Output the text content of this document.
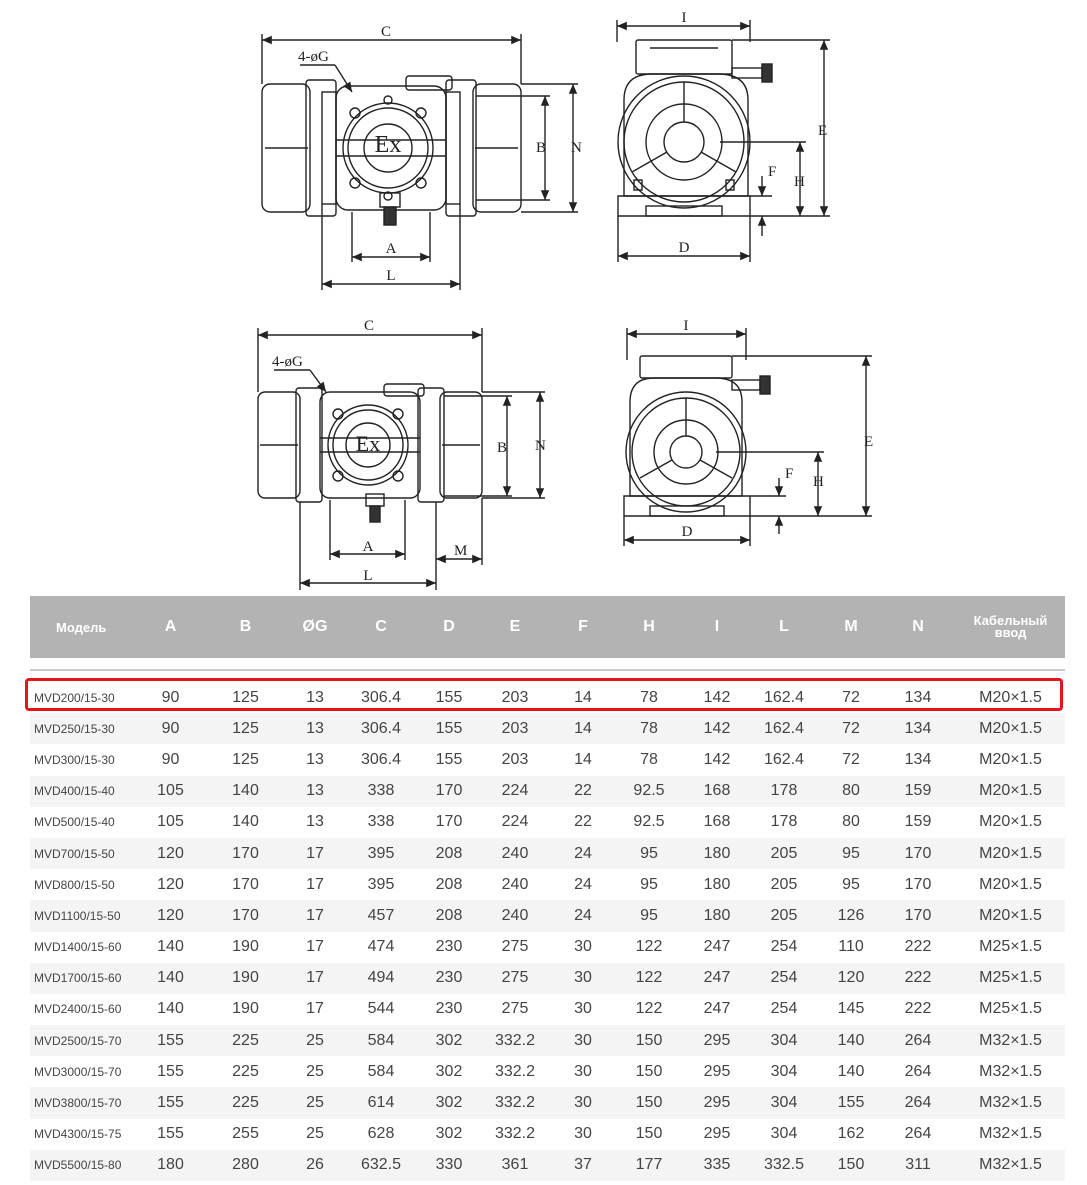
Ex
C
4-øG
B N
A
L
I
E
H
F
D
Ex
C
4-øG
B N
A
L
M
I
E
H
F
D
Модель	A	B	ØG	C	D	E	F	H	I	L	M	N	Кабельный
ввод
MVD200/15-30	90	125	13	306.4	155	203	14	78	142	162.4	72	134	M20×1.5
MVD250/15-30	90	125	13	306.4	155	203	14	78	142	162.4	72	134	M20×1.5
MVD300/15-30	90	125	13	306.4	155	203	14	78	142	162.4	72	134	M20×1.5
MVD400/15-40	105	140	13	338	170	224	22	92.5	168	178	80	159	M20×1.5
MVD500/15-40	105	140	13	338	170	224	22	92.5	168	178	80	159	M20×1.5
MVD700/15-50	120	170	17	395	208	240	24	95	180	205	95	170	M20×1.5
MVD800/15-50	120	170	17	395	208	240	24	95	180	205	95	170	M20×1.5
MVD1100/15-50	120	170	17	457	208	240	24	95	180	205	126	170	M20×1.5
MVD1400/15-60	140	190	17	474	230	275	30	122	247	254	110	222	M25×1.5
MVD1700/15-60	140	190	17	494	230	275	30	122	247	254	120	222	M25×1.5
MVD2400/15-60	140	190	17	544	230	275	30	122	247	254	145	222	M25×1.5
MVD2500/15-70	155	225	25	584	302	332.2	30	150	295	304	140	264	M32×1.5
MVD3000/15-70	155	225	25	584	302	332.2	30	150	295	304	140	264	M32×1.5
MVD3800/15-70	155	225	25	614	302	332.2	30	150	295	304	155	264	M32×1.5
MVD4300/15-75	155	255	25	628	302	332.2	30	150	295	304	162	264	M32×1.5
MVD5500/15-80	180	280	26	632.5	330	361	37	177	335	332.5	150	311	M32×1.5
